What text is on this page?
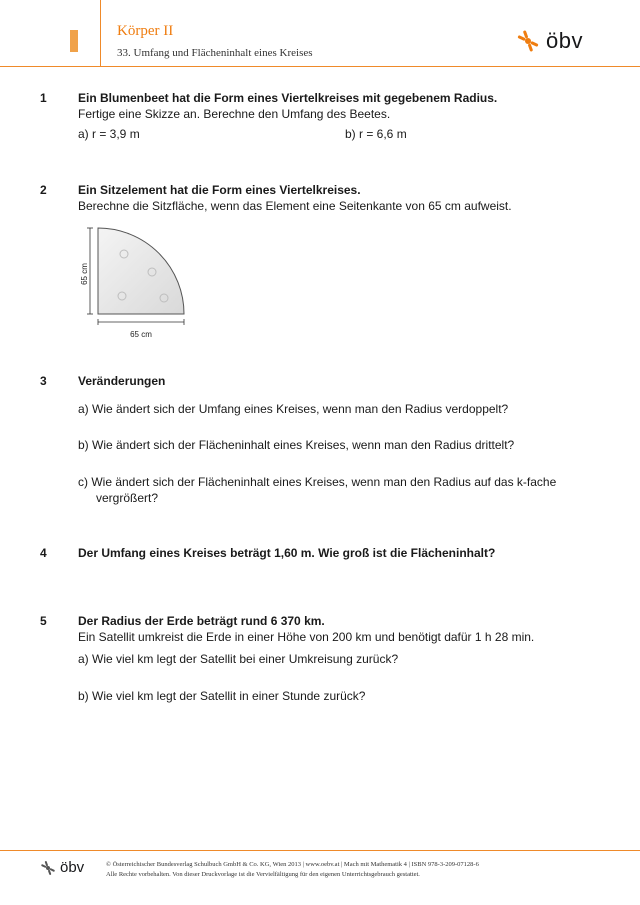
Körper II
33. Umfang und Flächeninhalt eines Kreises	öbv
1	Ein Blumenbeet hat die Form eines Viertelkreises mit gegebenem Radius.
Fertige eine Skizze an. Berechne den Umfang des Beetes.
a) r = 3,9 m	b) r = 6,6 m
2	Ein Sitzelement hat die Form eines Viertelkreises.
Berechne die Sitzfläche, wenn das Element eine Seitenkante von 65 cm aufweist.
65 cm
65 cm
3	Veränderungen
a) Wie ändert sich der Umfang eines Kreises, wenn man den Radius verdoppelt?
b) Wie ändert sich der Flächeninhalt eines Kreises, wenn man den Radius drittelt?
c) Wie ändert sich der Flächeninhalt eines Kreises, wenn man den Radius auf das k-fache
vergrößert?
4	Der Umfang eines Kreises beträgt 1,60 m. Wie groß ist die Flächeninhalt?
5	Der Radius der Erde beträgt rund 6 370 km.
Ein Satellit umkreist die Erde in einer Höhe von 200 km und benötigt dafür 1 h 28 min.
a) Wie viel km legt der Satellit bei einer Umkreisung zurück?
b) Wie viel km legt der Satellit in einer Stunde zurück?
öbv	© Österreichischer Bundesverlag Schulbuch GmbH & Co. KG, Wien 2013 | www.oebv.at | Mach mit Mathematik 4 | ISBN 978-3-209-07128-6
Alle Rechte vorbehalten. Von dieser Druckvorlage ist die Vervielfältigung für den eigenen Unterrichtsgebrauch gestattet.
